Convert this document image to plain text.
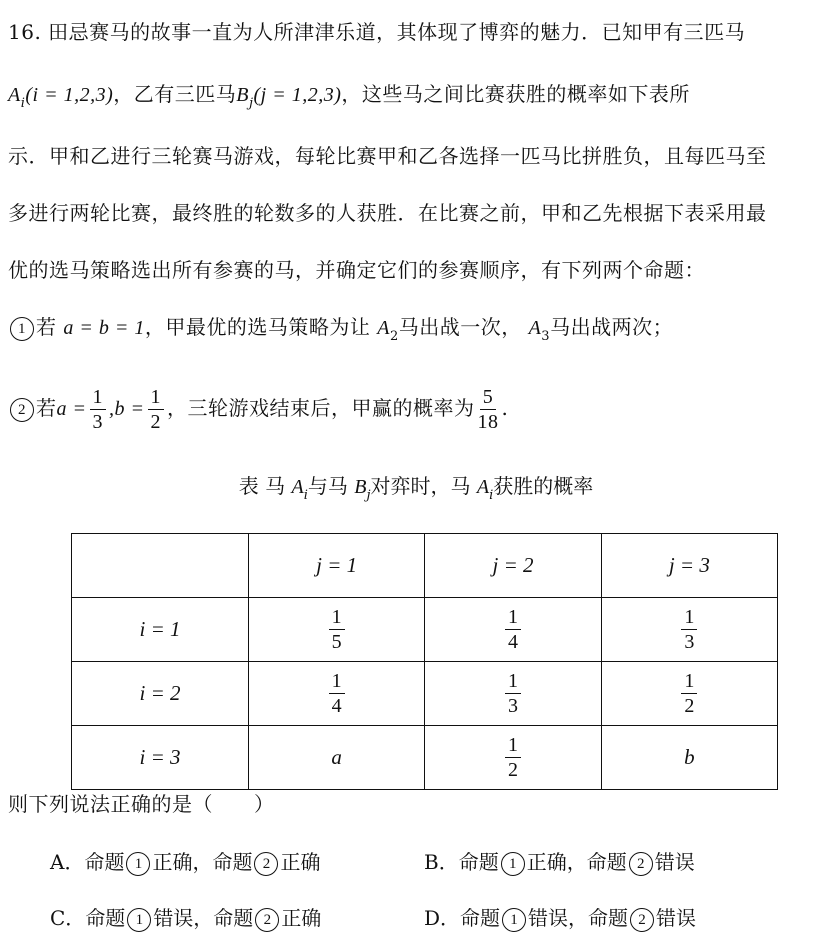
16. 田忌赛马的故事一直为人所津津乐道，其体现了博弈的魅力．已知甲有三匹马
$A_i(i = 1,2,3)$，乙有三匹马$B_j(j = 1,2,3)$，这些马之间比赛获胜的概率如下表所
示．甲和乙进行三轮赛马游戏，每轮比赛甲和乙各选择一匹马比拼胜负，且每匹马至
多进行两轮比赛，最终胜的轮数多的人获胜．在比赛之前，甲和乙先根据下表采用最
优的选马策略选出所有参赛的马，并确定它们的参赛顺序，有下列两个命题：
1 若 a = b = 1，甲最优的选马策略为让 $A_2$马出战一次， $A_3$马出战两次；
2 若$a = \frac{1}{3} ,b = \frac{1}{2}$ ，三轮游戏结束后，甲赢的概率为 $\frac{5}{18}$ .
表 马 $A_i$与马 $B_j$对弈时，马 $A_i$获胜的概率
	j = 1	j = 2	j = 3
i = 1	$\frac{1}{5}$	$\frac{1}{4}$	$\frac{1}{3}$

i = 2	$\frac{1}{4}$	$\frac{1}{3}$	$\frac{1}{2}$

i = 3	a	$\frac{1}{2}$	b
则下列说法正确的是（　　）
A．命题 1 正确，命题 2 正确	B．命题 1 正确，命题 2 错误
C．命题 1 错误，命题 2 正确	D．命题 1 错误，命题 2 错误
